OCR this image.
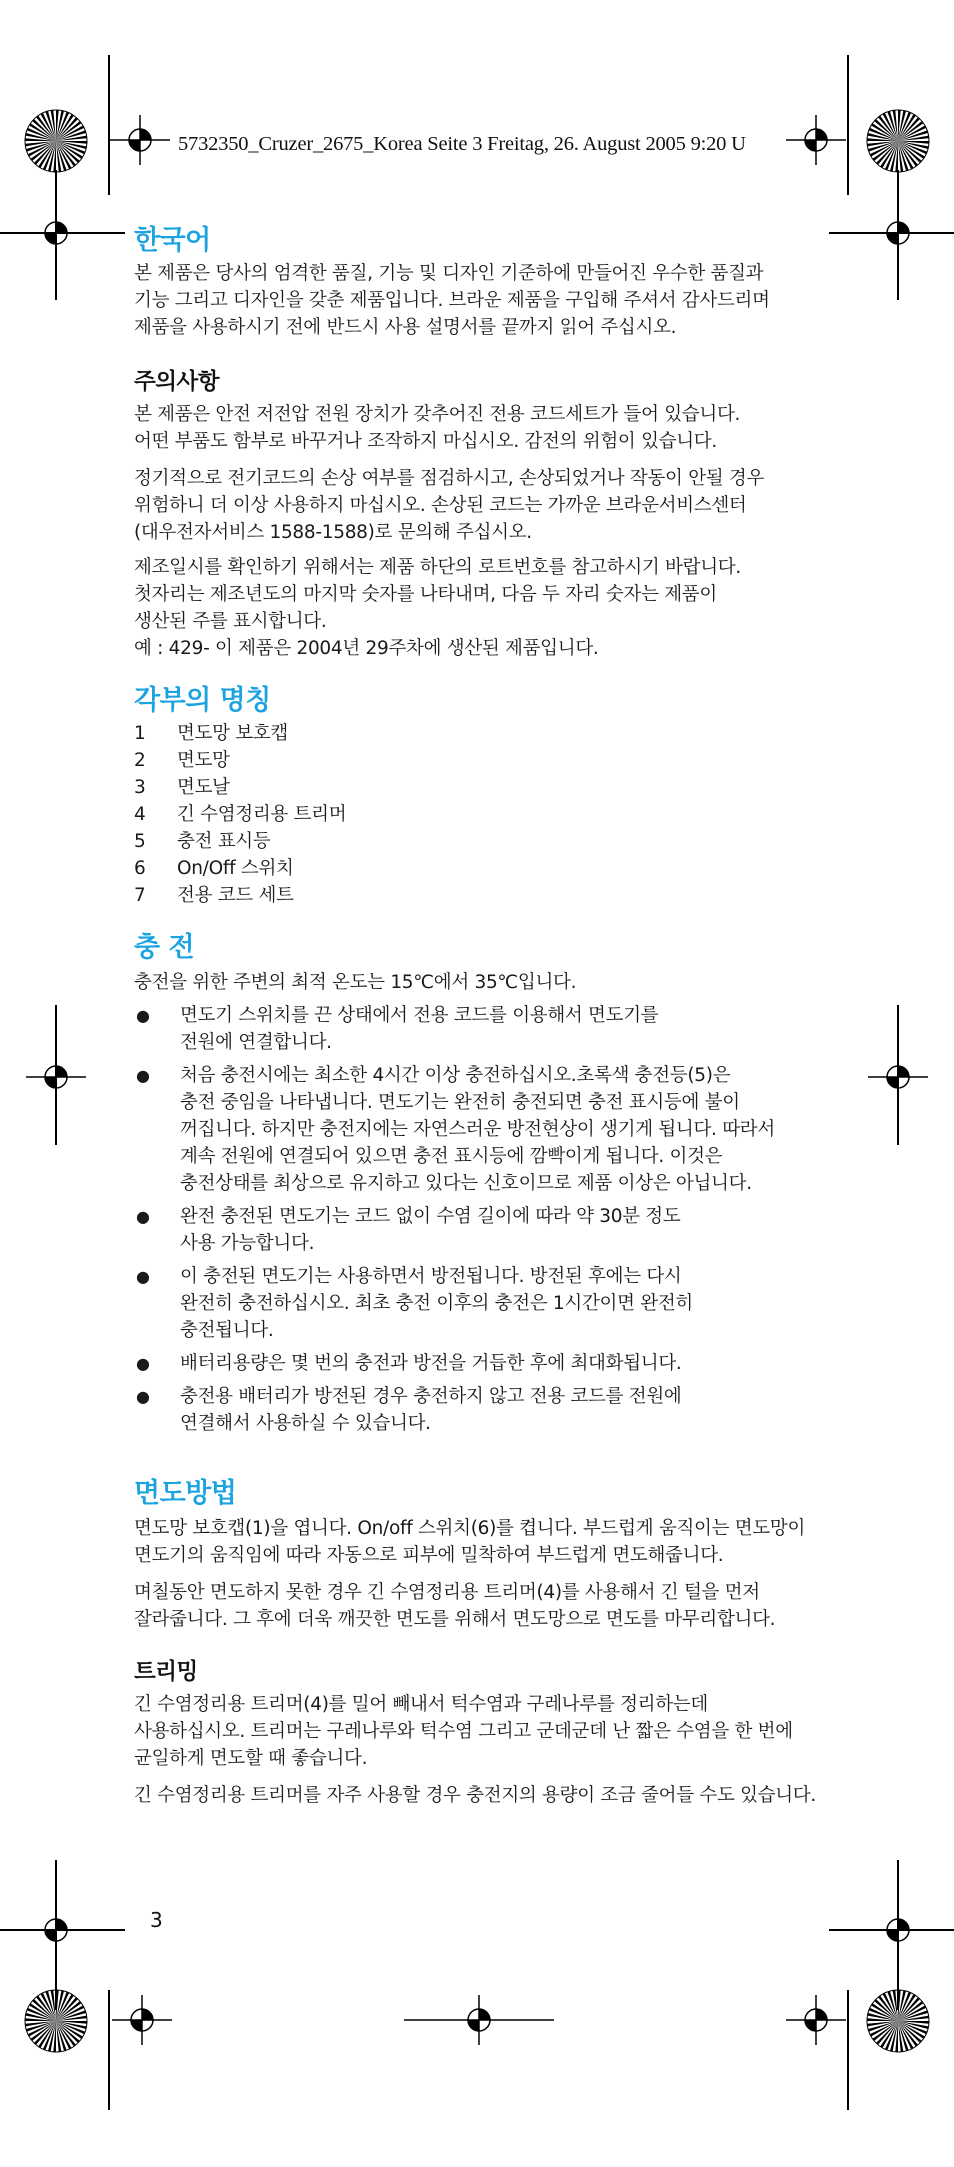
5732350_Cruzer_2675_Korea Seite 3 Freitag, 26. August 2005 9:20 U
한국어

본 제품은 당사의 엄격한 품질, 기능 및 디자인 기준하에 만들어진 우수한 품질과
기능 그리고 디자인을 갖춘 제품입니다. 브라운 제품을 구입해 주셔서 감사드리며
제품을 사용하시기 전에 반드시 사용 설명서를 끝까지 읽어 주십시오.

주의사항

본 제품은 안전 저전압 전원 장치가 갖추어진 전용 코드세트가 들어 있습니다.
어떤 부품도 함부로 바꾸거나 조작하지 마십시오. 감전의 위험이 있습니다.

정기적으로 전기코드의 손상 여부를 점검하시고, 손상되었거나 작동이 안될 경우
위험하니 더 이상 사용하지 마십시오. 손상된 코드는 가까운 브라운서비스센터
(대우전자서비스 1588-1588)로 문의해 주십시오.

제조일시를 확인하기 위해서는 제품 하단의 로트번호를 참고하시기 바랍니다.
첫자리는 제조년도의 마지막 숫자를 나타내며, 다음 두 자리 숫자는 제품이
생산된 주를 표시합니다.
예 : 429- 이 제품은 2004년 29주차에 생산된 제품입니다.

각부의 명칭
1	면도망 보호캡
2	면도망
3	면도날
4	긴 수염정리용 트리머
5	충전 표시등
6	On/Off 스위치
7	전용 코드 세트
충 전

충전을 위한 주변의 최적 온도는 15℃에서 35℃입니다.

●	면도기 스위치를 끈 상태에서 전용 코드를 이용해서 면도기를
전원에 연결합니다.
●	처음 충전시에는 최소한 4시간 이상 충전하십시오.초록색 충전등(5)은
충전 중임을 나타냅니다. 면도기는 완전히 충전되면 충전 표시등에 불이
꺼집니다. 하지만 충전지에는 자연스러운 방전현상이 생기게 됩니다. 따라서
계속 전원에 연결되어 있으면 충전 표시등에 깜빡이게 됩니다. 이것은
충전상태를 최상으로 유지하고 있다는 신호이므로 제품 이상은 아닙니다.
●	완전 충전된 면도기는 코드 없이 수염 길이에 따라 약 30분 정도
사용 가능합니다.
●	이 충전된 면도기는 사용하면서 방전됩니다. 방전된 후에는 다시
완전히 충전하십시오. 최초 충전 이후의 충전은 1시간이면 완전히
충전됩니다.
●	배터리용량은 몇 번의 충전과 방전을 거듭한 후에 최대화됩니다.
●	충전용 배터리가 방전된 경우 충전하지 않고 전용 코드를 전원에
연결해서 사용하실 수 있습니다.
면도방법

면도망 보호캡(1)을 엽니다. On/off 스위치(6)를 켭니다. 부드럽게 움직이는 면도망이
면도기의 움직임에 따라 자동으로 피부에 밀착하여 부드럽게 면도해줍니다.

며칠동안 면도하지 못한 경우 긴 수염정리용 트리머(4)를 사용해서 긴 털을 먼저
잘라줍니다. 그 후에 더욱 깨끗한 면도를 위해서 면도망으로 면도를 마무리합니다.

트리밍

긴 수염정리용 트리머(4)를 밀어 빼내서 턱수염과 구레나루를 정리하는데
사용하십시오. 트리머는 구레나루와 턱수염 그리고 군데군데 난 짧은 수염을 한 번에
균일하게 면도할 때 좋습니다.

긴 수염정리용 트리머를 자주 사용할 경우 충전지의 용량이 조금 줄어들 수도 있습니다.

3
